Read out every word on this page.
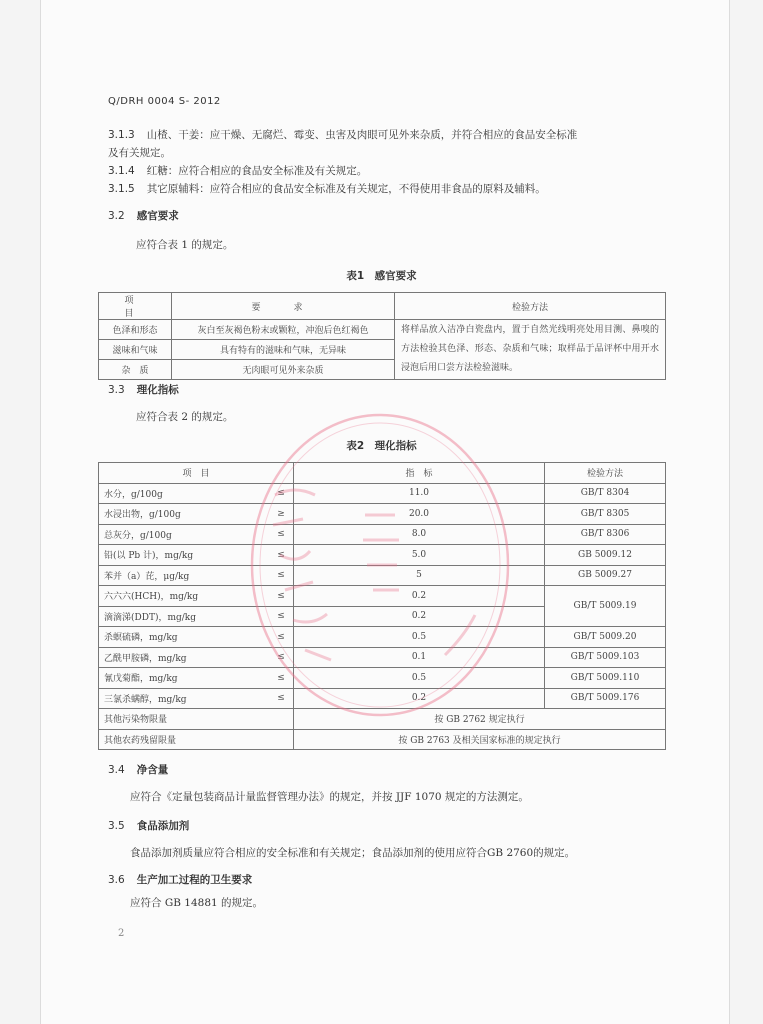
Q/DRH 0004 S- 2012
3.1.3 山楂、干姜：应干燥、无腐烂、霉变、虫害及肉眼可见外来杂质，并符合相应的食品安全标准
及有关规定。
3.1.4 红糖：应符合相应的食品安全标准及有关规定。
3.1.5 其它原辅料：应符合相应的食品安全标准及有关规定，不得使用非食品的原料及辅料。
3.2 感官要求
应符合表 1 的规定。
表1　感官要求
项　目	要　求	检验方法
色泽和形态	灰白至灰褐色粉末或颗粒，冲泡后色红褐色	将样品放入洁净白瓷盘内，置于自然光线明亮处用目测、鼻嗅的方法检验其色泽、形态、杂质和气味；取样品于品评杯中用开水浸泡后用口尝方法检验滋味。
滋味和气味	具有特有的滋味和气味，无异味	
杂　质	无肉眼可见外来杂质	
3.3 理化指标
应符合表 2 的规定。
表2　理化指标
项　目		指　标	检验方法
水分，g/100g	≤	11.0	GB/T 8304
水浸出物，g/100g	≥	20.0	GB/T 8305
总灰分，g/100g	≤	8.0	GB/T 8306
铅(以 Pb 计)，mg/kg	≤	5.0	GB 5009.12
苯并（a）芘，μg/kg	≤	5	GB 5009.27
六六六(HCH)，mg/kg	≤	0.2	GB/T 5009.19
滴滴涕(DDT)，mg/kg	≤	0.2	
杀螟硫磷，mg/kg	≤	0.5	GB/T 5009.20
乙酰甲胺磷，mg/kg	≤	0.1	GB/T 5009.103
氰戊菊酯，mg/kg	≤	0.5	GB/T 5009.110
三氯杀螨醇，mg/kg	≤	0.2	GB/T 5009.176
其他污染物限量		按 GB 2762 规定执行	
其他农药残留限量		按 GB 2763 及相关国家标准的规定执行	
3.4 净含量
应符合《定量包装商品计量监督管理办法》的规定，并按 JJF 1070 规定的方法测定。
3.5 食品添加剂
食品添加剂质量应符合相应的安全标准和有关规定；食品添加剂的使用应符合GB 2760的规定。
3.6 生产加工过程的卫生要求
应符合 GB 14881 的规定。
2
